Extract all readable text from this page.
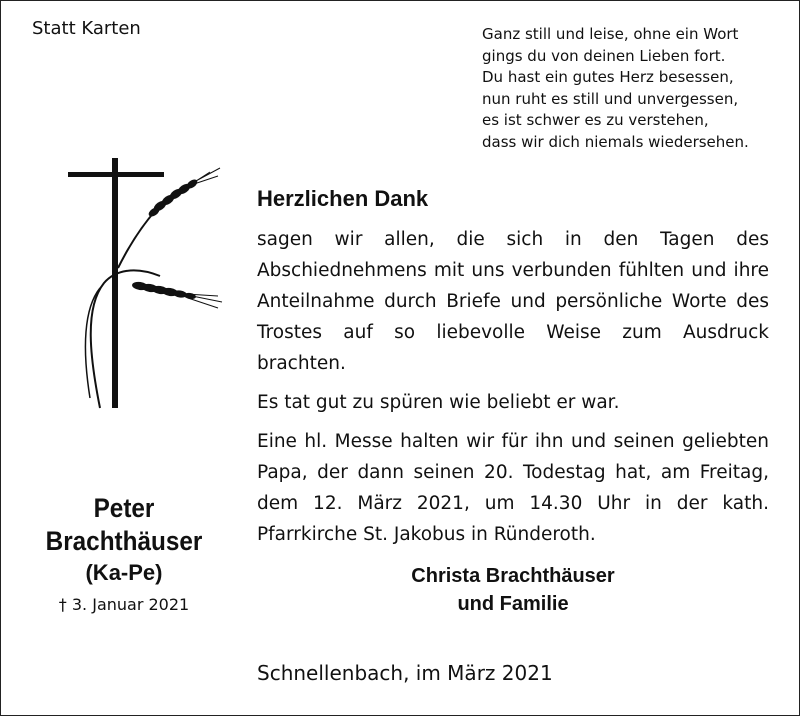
Statt Karten	Ganz still und leise, ohne ein Wort
gings du von deinen Lieben fort.
Du hast ein gutes Herz besessen,
nun ruht es still und unvergessen,
es ist schwer es zu verstehen,
dass wir dich niemals wiedersehen.
Peter
Brachthäuser
(Ka-Pe)
† 3. Januar 2021
Herzlichen Dank

sagen wir allen, die sich in den Tagen des Abschiednehmens mit uns verbunden fühlten und ihre Anteilnahme durch Briefe und persönliche Worte des Trostes auf so liebevolle Weise zum Ausdruck brachten.

Es tat gut zu spüren wie beliebt er war.

Eine hl. Messe halten wir für ihn und seinen geliebten Papa, der dann seinen 20. Todestag hat, am Freitag, dem 12. März 2021, um 14.30 Uhr in der kath. Pfarrkirche St. Jakobus in Ründeroth.

Christa Brachthäuser
und Familie
Schnellenbach, im März 2021
